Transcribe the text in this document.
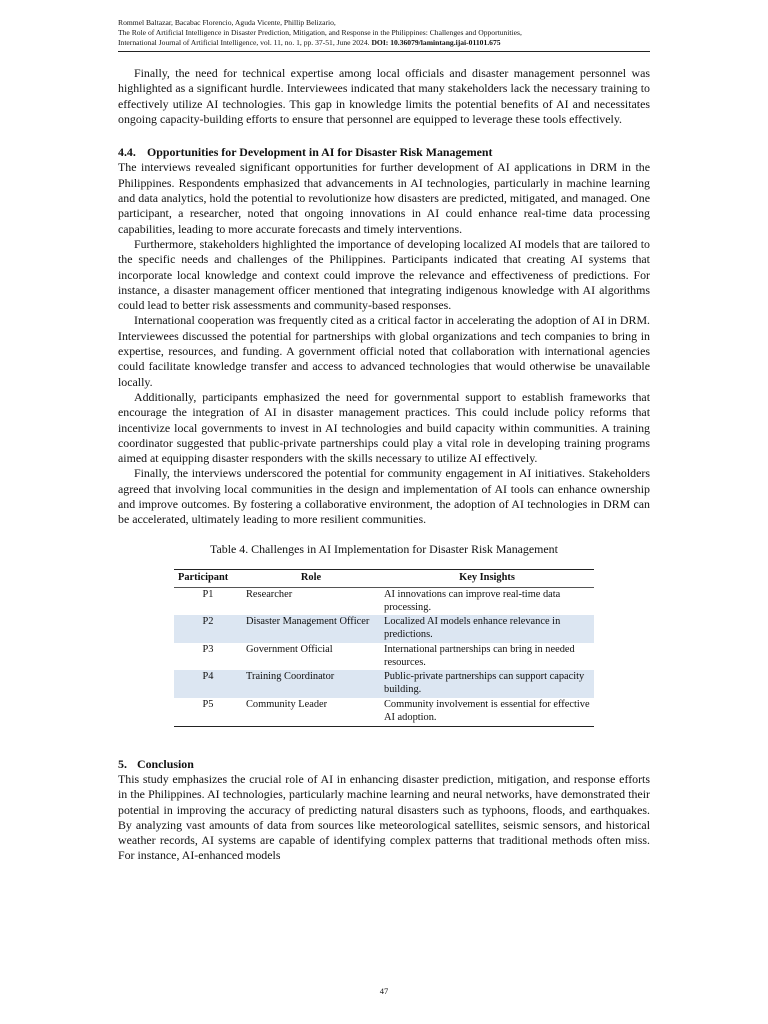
Rommel Baltazar, Bacabac Florencio, Aguda Vicente, Phillip Belizario,
The Role of Artificial Intelligence in Disaster Prediction, Mitigation, and Response in the Philippines: Challenges and Opportunities,
International Journal of Artificial Intelligence, vol. 11, no. 1, pp. 37-51, June 2024. DOI: 10.36079/lamintang.ijai-01101.675

Finally, the need for technical expertise among local officials and disaster management personnel was highlighted as a significant hurdle. Interviewees indicated that many stakeholders lack the necessary training to effectively utilize AI technologies. This gap in knowledge limits the potential benefits of AI and necessitates ongoing capacity-building efforts to ensure that personnel are equipped to leverage these tools effectively.

4.4. Opportunities for Development in AI for Disaster Risk Management

The interviews revealed significant opportunities for further development of AI applications in DRM in the Philippines. Respondents emphasized that advancements in AI technologies, particularly in machine learning and data analytics, hold the potential to revolutionize how disasters are predicted, mitigated, and managed. One participant, a researcher, noted that ongoing innovations in AI could enhance real-time data processing capabilities, leading to more accurate forecasts and timely interventions.

Furthermore, stakeholders highlighted the importance of developing localized AI models that are tailored to the specific needs and challenges of the Philippines. Participants indicated that creating AI systems that incorporate local knowledge and context could improve the relevance and effectiveness of predictions. For instance, a disaster management officer mentioned that integrating indigenous knowledge with AI algorithms could lead to better risk assessments and community-based responses.

International cooperation was frequently cited as a critical factor in accelerating the adoption of AI in DRM. Interviewees discussed the potential for partnerships with global organizations and tech companies to bring in expertise, resources, and funding. A government official noted that collaboration with international agencies could facilitate knowledge transfer and access to advanced technologies that would otherwise be unavailable locally.

Additionally, participants emphasized the need for governmental support to establish frameworks that encourage the integration of AI in disaster management practices. This could include policy reforms that incentivize local governments to invest in AI technologies and build capacity within communities. A training coordinator suggested that public-private partnerships could play a vital role in developing training programs aimed at equipping disaster responders with the skills necessary to utilize AI effectively.

Finally, the interviews underscored the potential for community engagement in AI initiatives. Stakeholders agreed that involving local communities in the design and implementation of AI tools can enhance ownership and improve outcomes. By fostering a collaborative environment, the adoption of AI technologies in DRM can be accelerated, ultimately leading to more resilient communities.

Table 4. Challenges in AI Implementation for Disaster Risk Management
Participant	Role	Key Insights
P1	Researcher	AI innovations can improve real-time data processing.
P2	Disaster Management Officer	Localized AI models enhance relevance in predictions.
P3	Government Official	International partnerships can bring in needed resources.
P4	Training Coordinator	Public-private partnerships can support capacity building.
P5	Community Leader	Community involvement is essential for effective AI adoption.
5. Conclusion

This study emphasizes the crucial role of AI in enhancing disaster prediction, mitigation, and response efforts in the Philippines. AI technologies, particularly machine learning and neural networks, have demonstrated their potential in improving the accuracy of predicting natural disasters such as typhoons, floods, and earthquakes. By analyzing vast amounts of data from sources like meteorological satellites, seismic sensors, and historical weather records, AI systems are capable of identifying complex patterns that traditional methods often miss. For instance, AI-enhanced models

47
